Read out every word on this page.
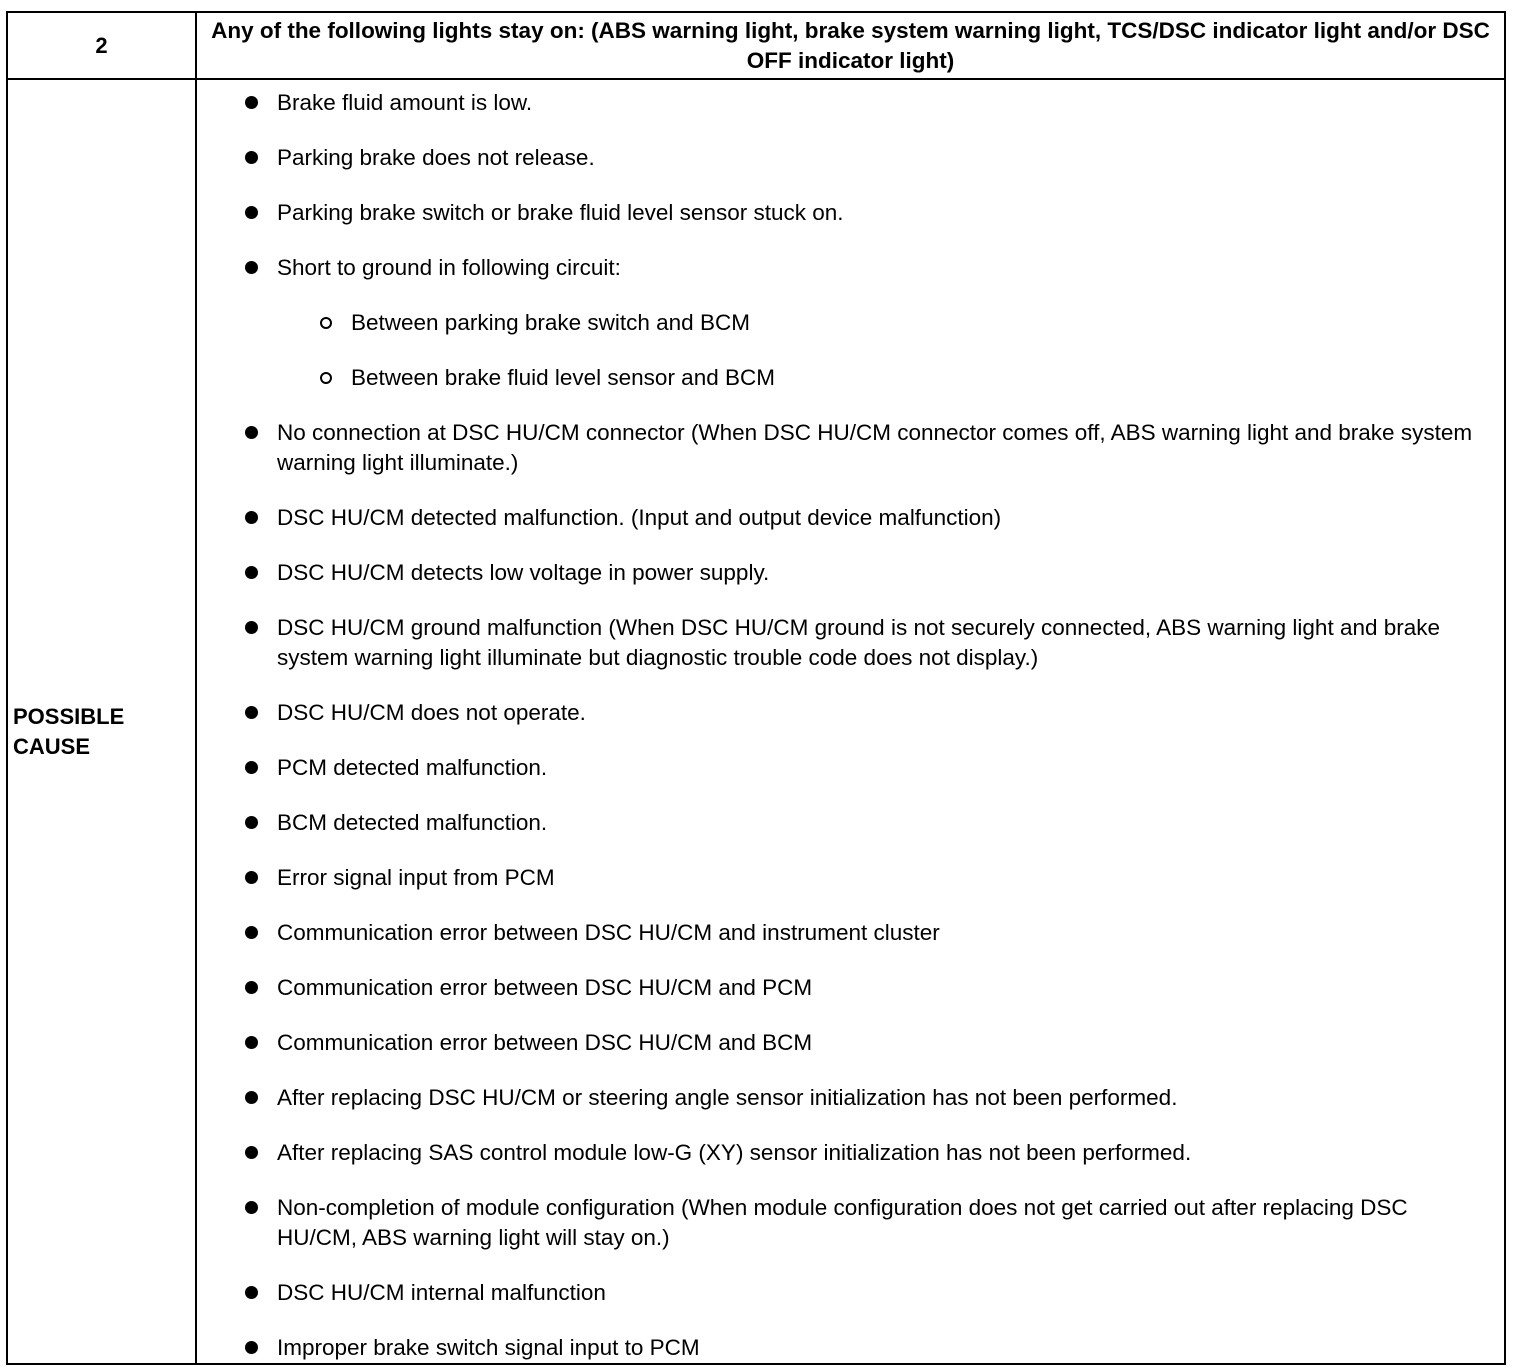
2
Any of the following lights stay on: (ABS warning light, brake system warning light, TCS/DSC indicator light and/or DSC OFF indicator light)
POSSIBLE CAUSE
Brake fluid amount is low.
Parking brake does not release.
Parking brake switch or brake fluid level sensor stuck on.
Short to ground in following circuit:
Between parking brake switch and BCM
Between brake fluid level sensor and BCM
No connection at DSC HU/CM connector (When DSC HU/CM connector comes off, ABS warning light and brake system warning light illuminate.)
DSC HU/CM detected malfunction. (Input and output device malfunction)
DSC HU/CM detects low voltage in power supply.
DSC HU/CM ground malfunction (When DSC HU/CM ground is not securely connected, ABS warning light and brake system warning light illuminate but diagnostic trouble code does not display.)
DSC HU/CM does not operate.
PCM detected malfunction.
BCM detected malfunction.
Error signal input from PCM
Communication error between DSC HU/CM and instrument cluster
Communication error between DSC HU/CM and PCM
Communication error between DSC HU/CM and BCM
After replacing DSC HU/CM or steering angle sensor initialization has not been performed.
After replacing SAS control module low-G (XY) sensor initialization has not been performed.
Non-completion of module configuration (When module configuration does not get carried out after replacing DSC HU/CM, ABS warning light will stay on.)
DSC HU/CM internal malfunction
Improper brake switch signal input to PCM
